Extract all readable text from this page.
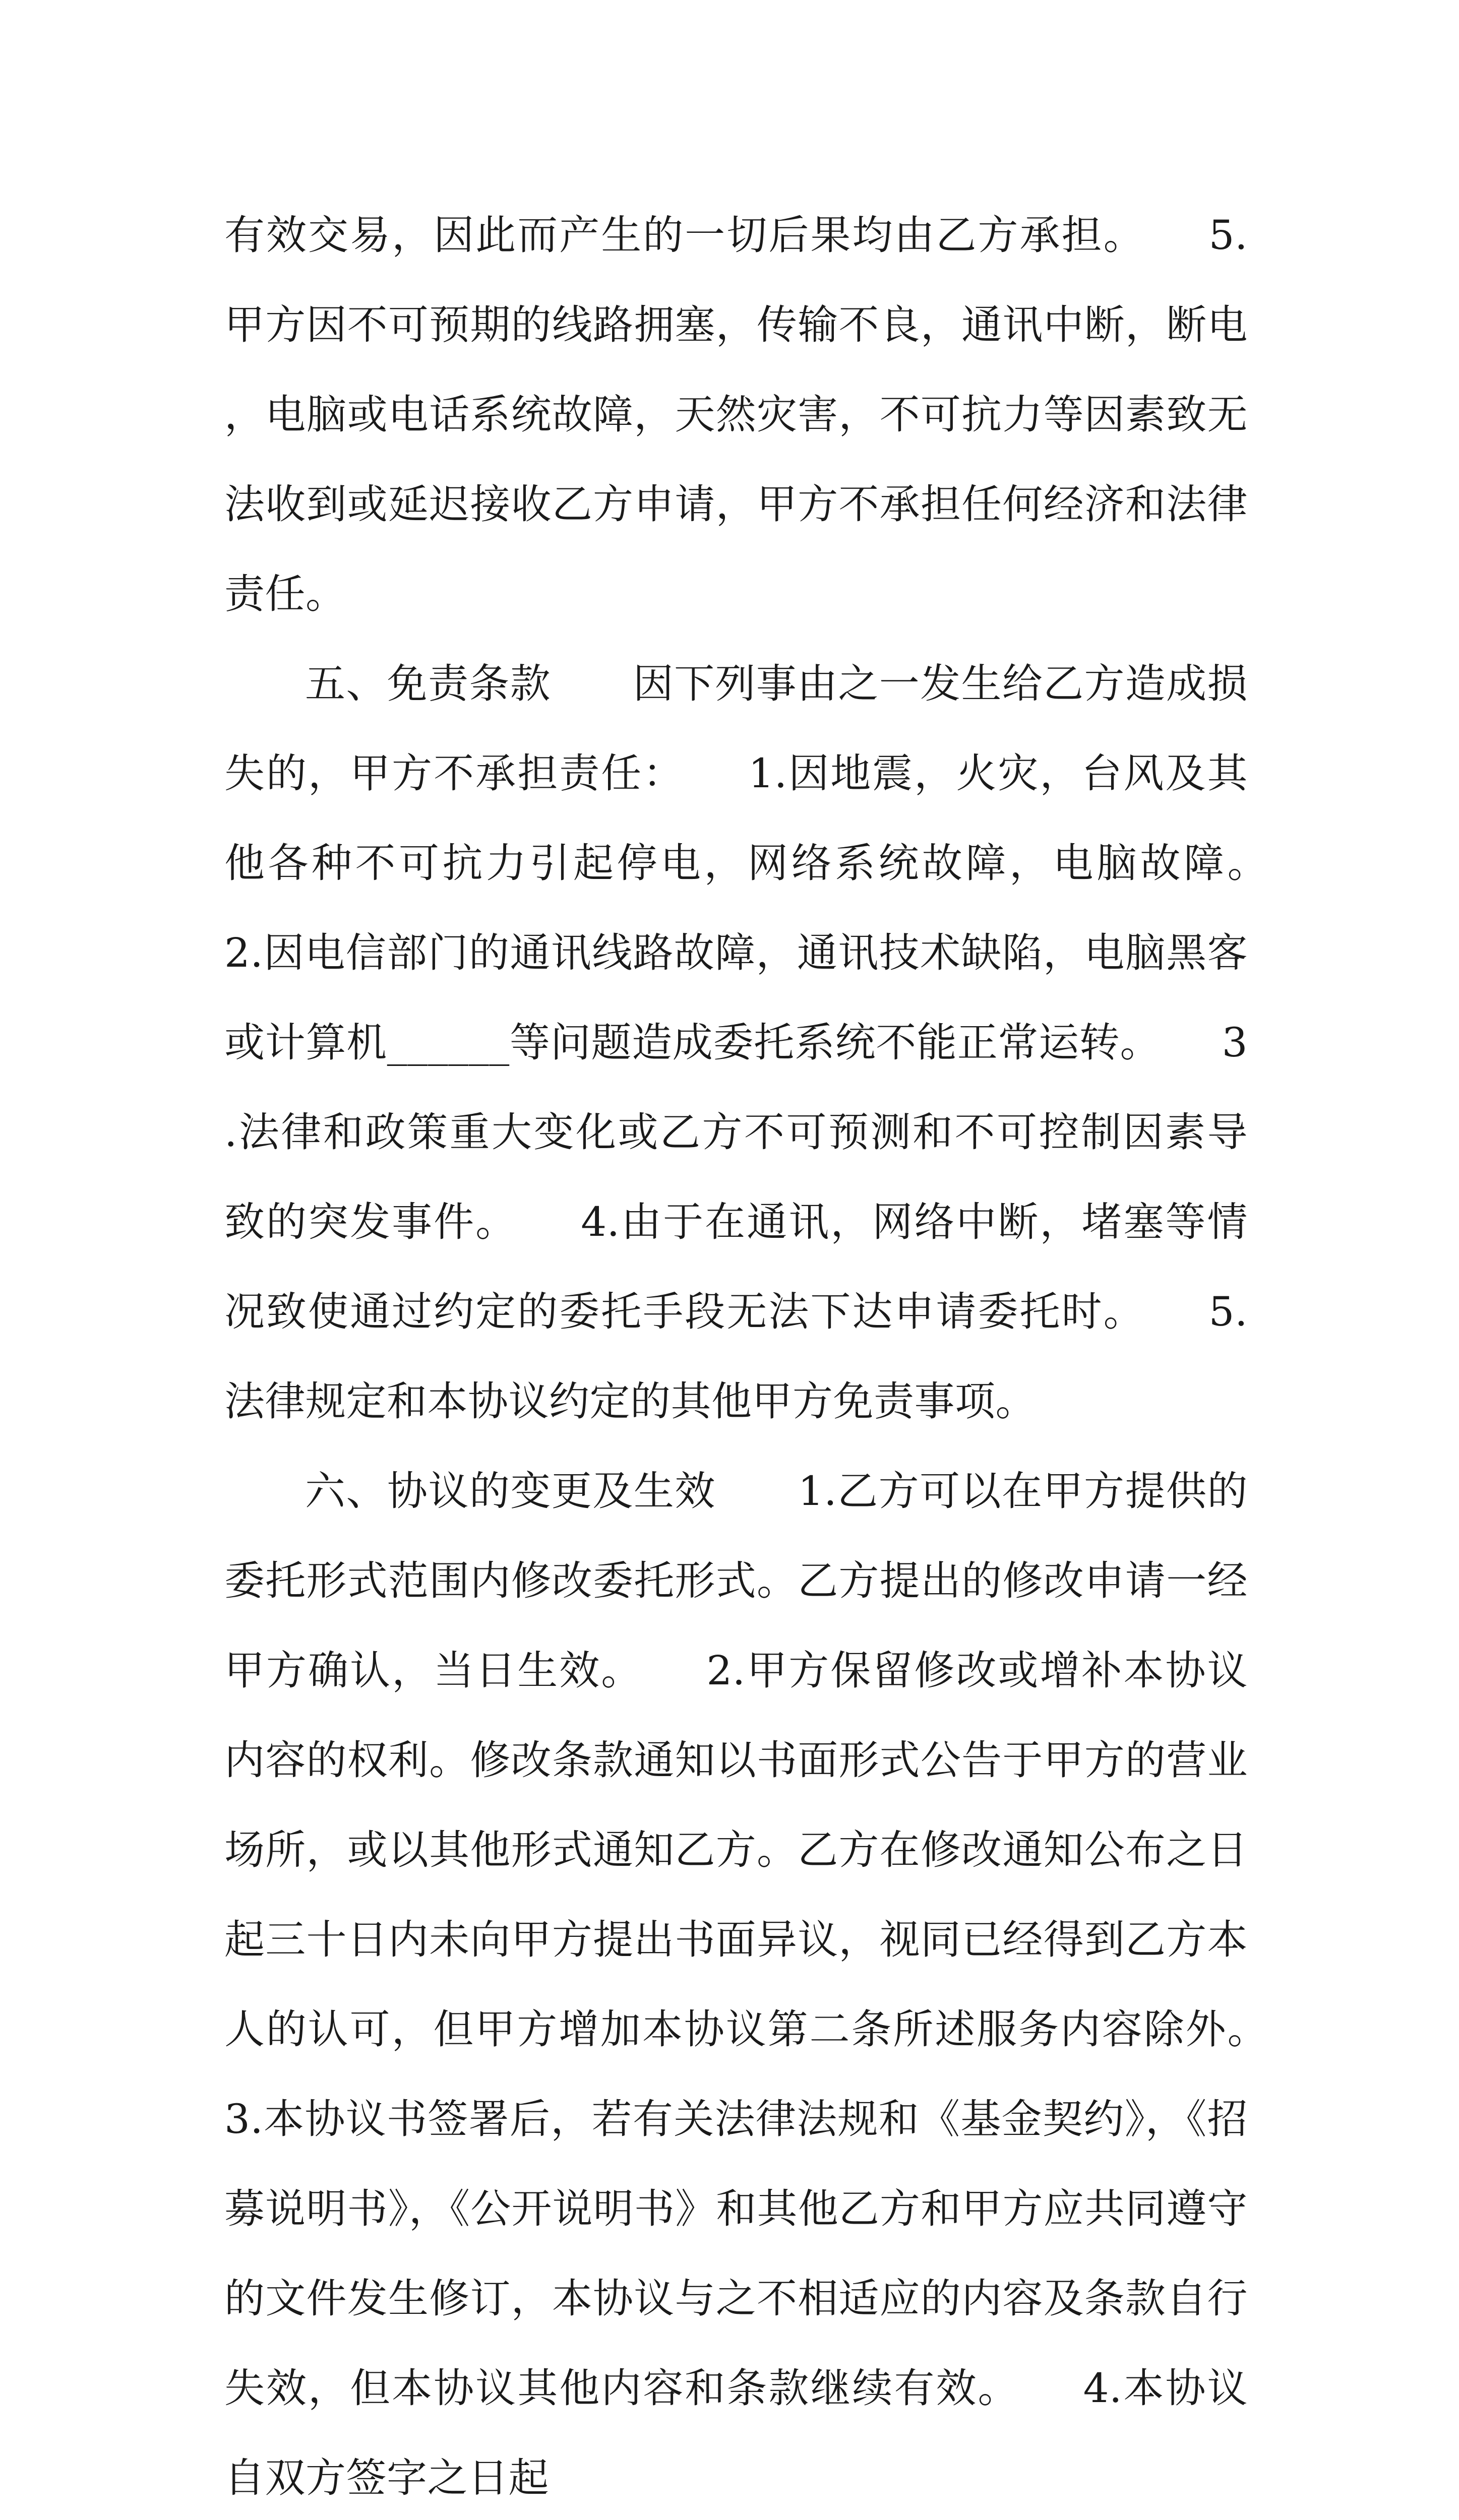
有效交易，因此而产生的一切后果均由乙方承担。　　5.甲方因不可预期的线路拥塞，传输不良，通讯中断，断电，电脑或电话系统故障，天然灾害，不可抗力等因素致无法收到或延迟接收乙方申请，甲方不承担任何经济和法律责任。

五、免责条款　　因下列事由之一发生给乙方造成损失的，甲方不承担责任：　　1.因地震，火灾，台风及其他各种不可抗力引起停电，网络系统故障，电脑故障。　　2.因电信部门的通讯线路故障，通讯技术缺陷，电脑黑客或计算机______等问题造成委托系统不能正常运转。　　3.法律和政策重大变化或乙方不可预测和不可控制因素导致的突发事件。　　4.由于在通讯，网络中断，堵塞等情况致使通过约定的委托手段无法下达申请委托时。　　5.法律规定和本协议约定的其他甲方免责事项。

六、协议的变更及生效　　1.乙方可以在甲方提供的委托形式范围内修改委托形式。乙方提出的修改申请一经甲方确认，当日生效。　　2.甲方保留修改或增补本协议内容的权利。修改条款通知以书面形式公告于甲方的营业场所，或以其他形式通知乙方。乙方在修改通知公布之日起三十日内未向甲方提出书面异议，视同已经得到乙方本人的认可，但甲方增加本协议第二条所述服务内容除外。　　3.本协议书签署后，若有关法律法规和《基金契约》，《招募说明书》，《公开说明书》和其他乙方和甲方应共同遵守的文件发生修订，本协议与之不相适应的内容及条款自行失效，但本协议其他内容和条款继续有效。　　4.本协议自双方签字之日起
